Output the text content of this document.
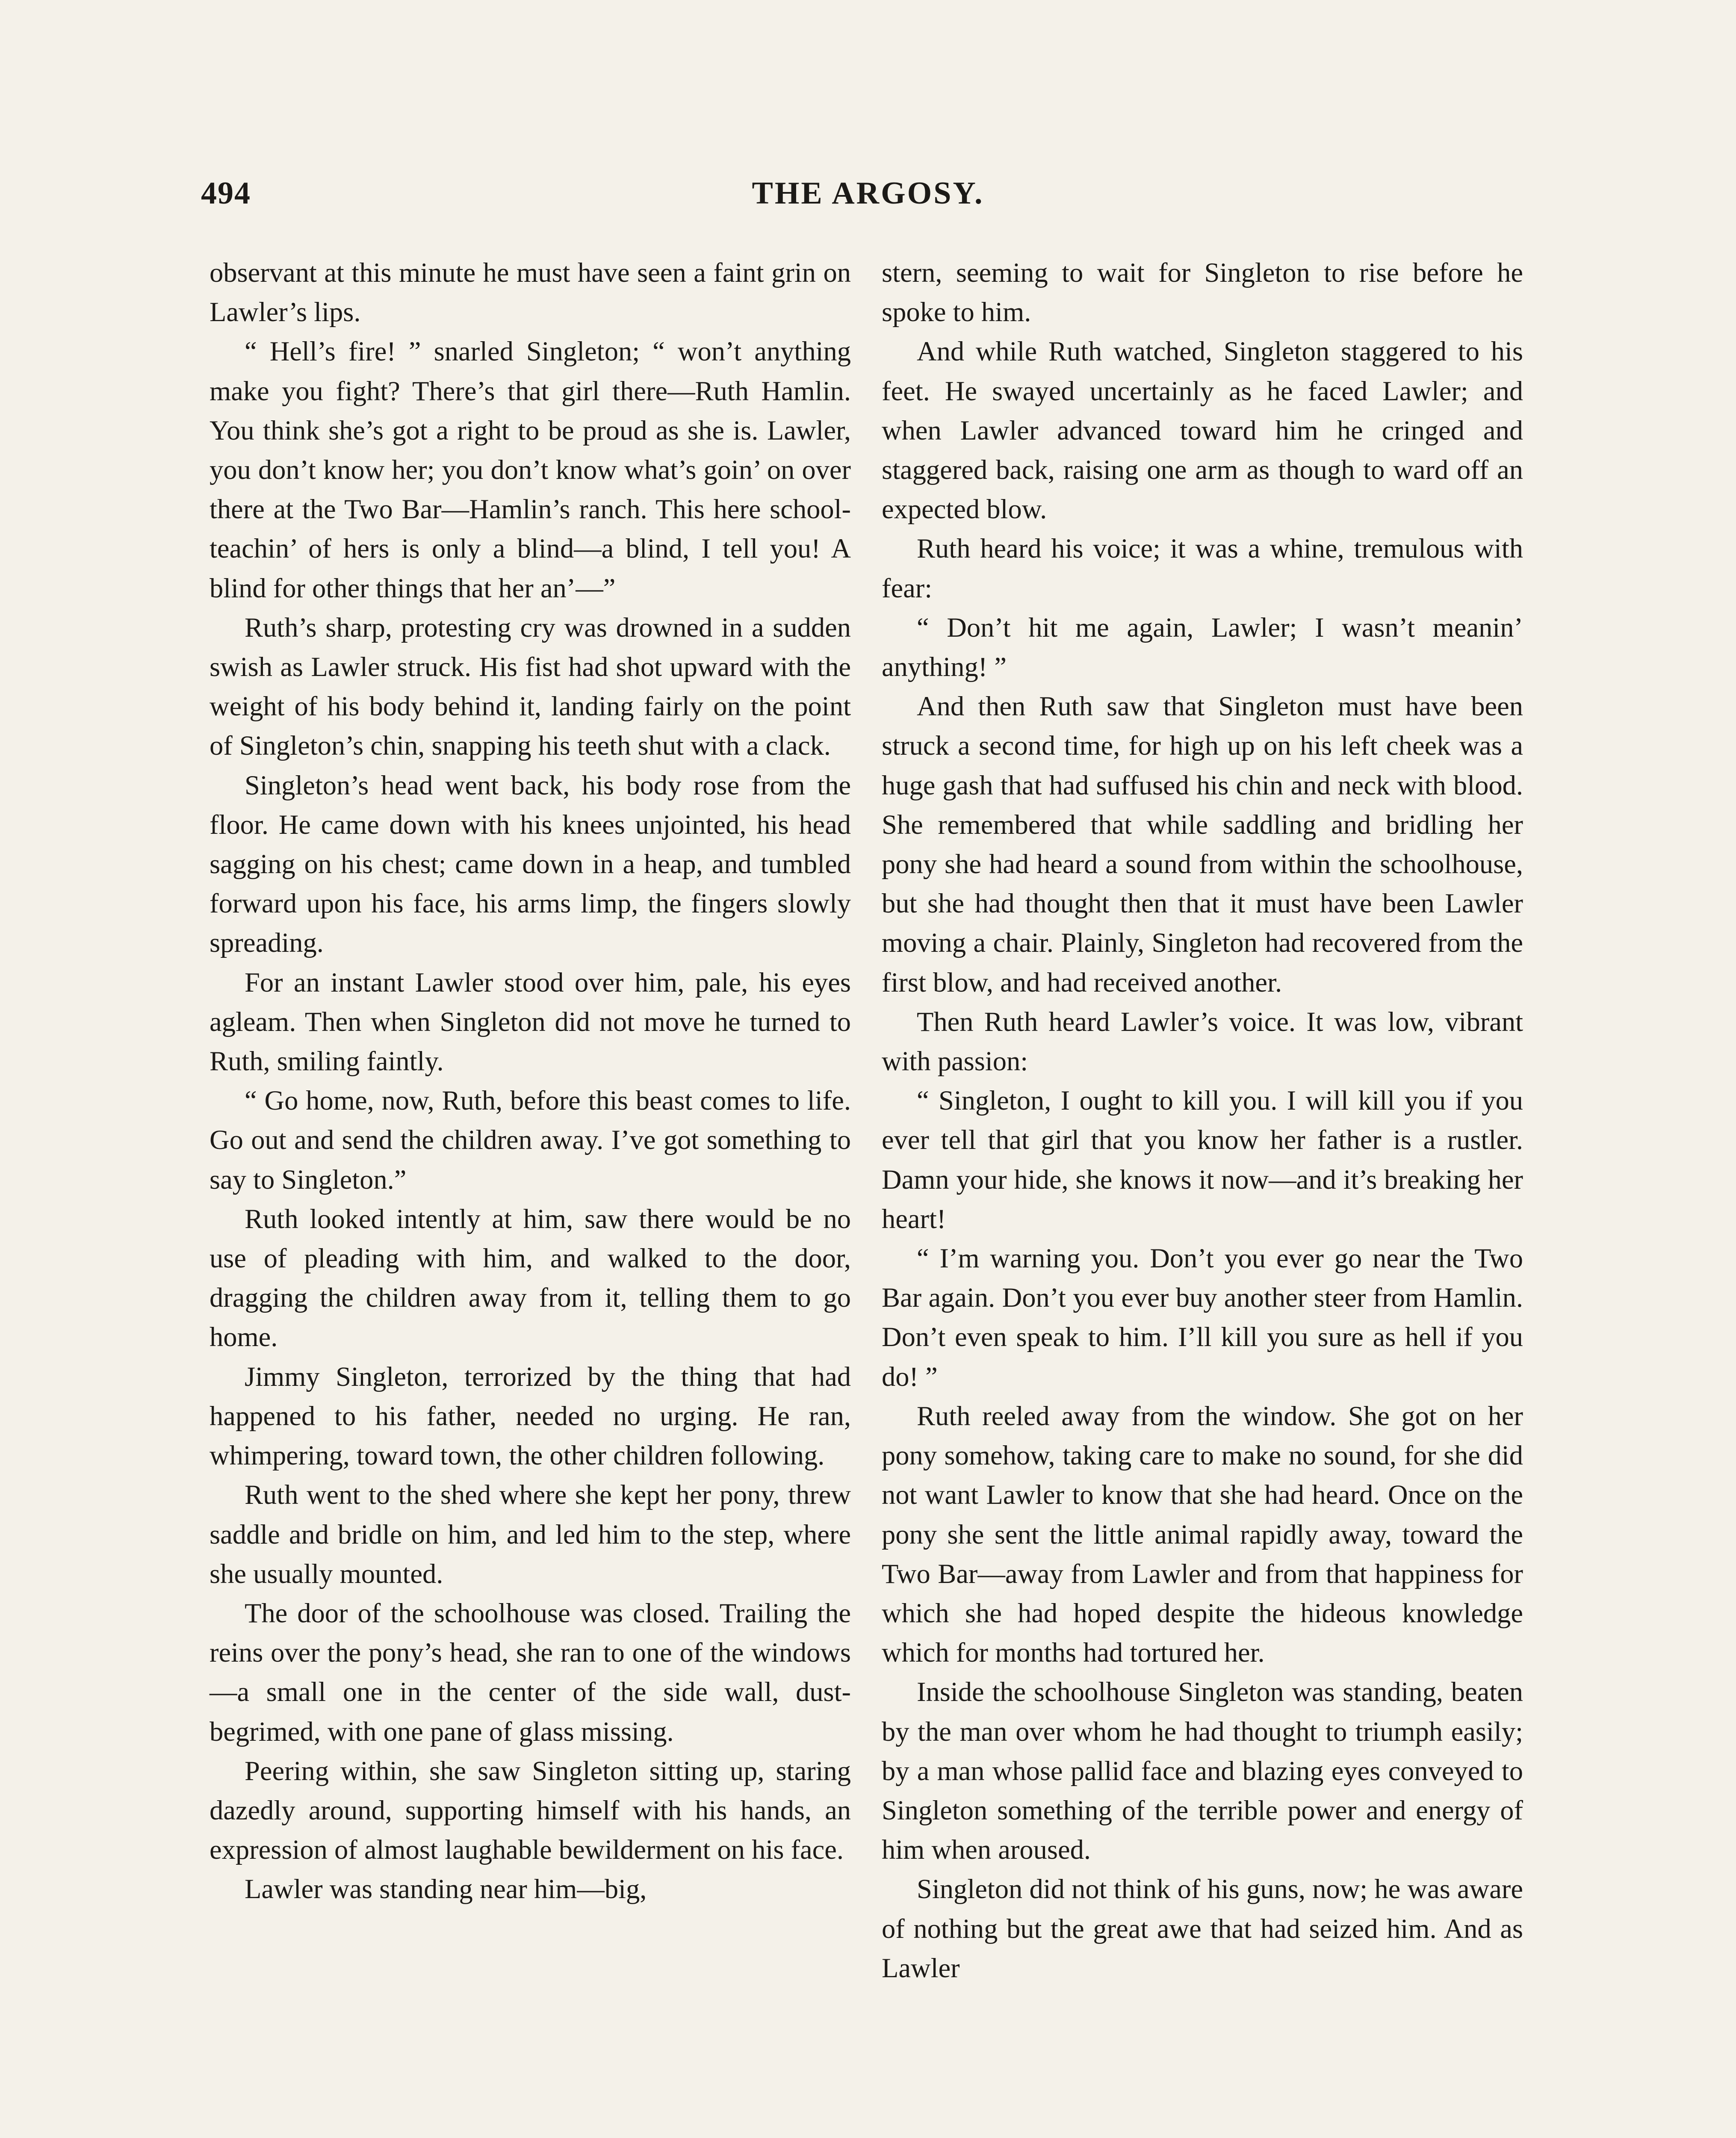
494	THE ARGOSY.

observant at this minute he must have seen a faint grin on Lawler’s lips.

“ Hell’s fire! ” snarled Singleton; “ won’t anything make you fight? There’s that girl there—Ruth Hamlin. You think she’s got a right to be proud as she is. Lawler, you don’t know her; you don’t know what’s goin’ on over there at the Two Bar—Hamlin’s ranch. This here school-teachin’ of hers is only a blind—a blind, I tell you! A blind for other things that her an’—”

Ruth’s sharp, protesting cry was drowned in a sudden swish as Lawler struck. His fist had shot upward with the weight of his body behind it, landing fairly on the point of Singleton’s chin, snapping his teeth shut with a clack.

Singleton’s head went back, his body rose from the floor. He came down with his knees unjointed, his head sagging on his chest; came down in a heap, and tumbled forward upon his face, his arms limp, the fingers slowly spreading.

For an instant Lawler stood over him, pale, his eyes agleam. Then when Singleton did not move he turned to Ruth, smiling faintly.

“ Go home, now, Ruth, before this beast comes to life. Go out and send the children away. I’ve got something to say to Singleton.”

Ruth looked intently at him, saw there would be no use of pleading with him, and walked to the door, dragging the children away from it, telling them to go home.

Jimmy Singleton, terrorized by the thing that had happened to his father, needed no urging. He ran, whimpering, toward town, the other children following.

Ruth went to the shed where she kept her pony, threw saddle and bridle on him, and led him to the step, where she usually mounted.

The door of the schoolhouse was closed. Trailing the reins over the pony’s head, she ran to one of the windows—a small one in the center of the side wall, dust-begrimed, with one pane of glass missing.

Peering within, she saw Singleton sitting up, staring dazedly around, supporting himself with his hands, an expression of almost laughable bewilderment on his face.

Lawler was standing near him—big,

stern, seeming to wait for Singleton to rise before he spoke to him.

And while Ruth watched, Singleton staggered to his feet. He swayed uncertainly as he faced Lawler; and when Lawler advanced toward him he cringed and staggered back, raising one arm as though to ward off an expected blow.

Ruth heard his voice; it was a whine, tremulous with fear:

“ Don’t hit me again, Lawler; I wasn’t meanin’ anything! ”

And then Ruth saw that Singleton must have been struck a second time, for high up on his left cheek was a huge gash that had suffused his chin and neck with blood. She remembered that while saddling and bridling her pony she had heard a sound from within the schoolhouse, but she had thought then that it must have been Lawler moving a chair. Plainly, Singleton had recovered from the first blow, and had received another.

Then Ruth heard Lawler’s voice. It was low, vibrant with passion:

“ Singleton, I ought to kill you. I will kill you if you ever tell that girl that you know her father is a rustler. Damn your hide, she knows it now—and it’s breaking her heart!

“ I’m warning you. Don’t you ever go near the Two Bar again. Don’t you ever buy another steer from Hamlin. Don’t even speak to him. I’ll kill you sure as hell if you do! ”

Ruth reeled away from the window. She got on her pony somehow, taking care to make no sound, for she did not want Lawler to know that she had heard. Once on the pony she sent the little animal rapidly away, toward the Two Bar—away from Lawler and from that happiness for which she had hoped despite the hideous knowledge which for months had tortured her.

Inside the schoolhouse Singleton was standing, beaten by the man over whom he had thought to triumph easily; by a man whose pallid face and blazing eyes conveyed to Singleton something of the terrible power and energy of him when aroused.

Singleton did not think of his guns, now; he was aware of nothing but the great awe that had seized him. And as Lawler
